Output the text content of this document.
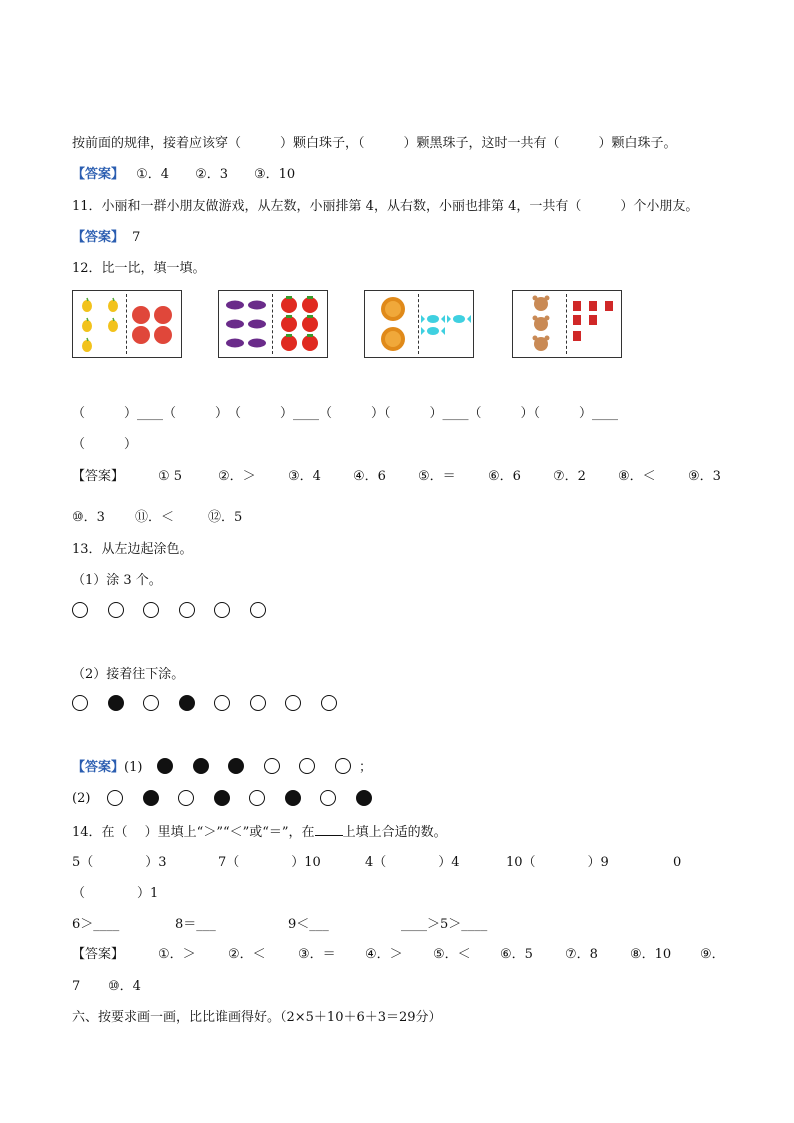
按前面的规律，接着应该穿（　　　）颗白珠子，（　　　）颗黑珠子，这时一共有（　　　）颗白珠子。
【答案】 ①．4　　②．3　　③．10
11．小丽和一群小朋友做游戏，从左数，小丽排第 4，从右数，小丽也排第 4，一共有（　　　）个小朋友。
【答案】 7
12．比一比，填一填。
（　　　）____（　　　）　（　　　）____（　　　）（　　　）____（　　　）（　　　）____
（　　　）
【答案】	① 5	②．＞ ③．4 ④．6 ⑤．＝ ⑥．6 ⑦．2 ⑧．＜ ⑨．3
⑩．3 ⑪．＜	⑫．5
13．从左边起涂色。
（1）涂 3 个。
（2）接着往下涂。
【答案】(1)	；
(2)
14．在（　 ）里填上“＞”“＜”或“＝”，在 上填上合适的数。
5（　　　　）3	7（　　　　）10	4（　　　　）4	10（　　　　）9	0
（　　　　）1
6＞____	8＝___	9＜___	____＞5＞____
【答案】	①．＞ ②．＜ ③．＝ ④．＞ ⑤．＜ ⑥．5 ⑦．8 ⑧．10 ⑨．
7 ⑩．4
六、按要求画一画，比比谁画得好。（2×5＋10＋6＋3＝29分）
